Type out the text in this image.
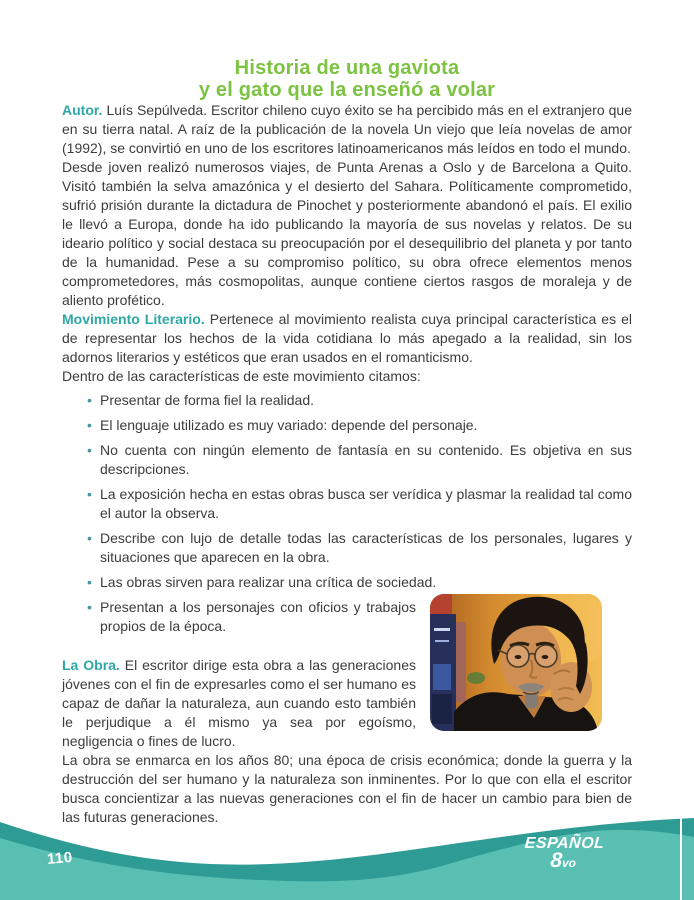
Historia de una gaviota
y el gato que la enseñó a volar

Autor. Luís Sepúlveda. Escritor chileno cuyo éxito se ha percibido más en el extranjero que en su tierra natal. A raíz de la publicación de la novela Un viejo que leía novelas de amor (1992), se convirtió en uno de los escritores latinoamericanos más leídos en todo el mundo.

Desde joven realizó numerosos viajes, de Punta Arenas a Oslo y de Barcelona a Quito. Visitó también la selva amazónica y el desierto del Sahara. Políticamente comprometido, sufrió prisión durante la dictadura de Pinochet y posteriormente abandonó el país. El exilio le llevó a Europa, donde ha ido publicando la mayoría de sus novelas y relatos. De su ideario político y social destaca su preocupación por el desequilibrio del planeta y por tanto de la humanidad. Pese a su compromiso político, su obra ofrece elementos menos comprometedores, más cosmopolitas, aunque contiene ciertos rasgos de moraleja y de aliento profético.

Movimiento Literario. Pertenece al movimiento realista cuya principal característica es el de representar los hechos de la vida cotidiana lo más apegado a la realidad, sin los adornos literarios y estéticos que eran usados en el romanticismo.

Dentro de las características de este movimiento citamos:

• Presentar de forma fiel la realidad.
• El lenguaje utilizado es muy variado: depende del personaje.
• No cuenta con ningún elemento de fantasía en su contenido. Es objetiva en sus descripciones.
• La exposición hecha en estas obras busca ser verídica y plasmar la realidad tal como el autor la observa.
• Describe con lujo de detalle todas las características de los personales, lugares y situaciones que aparecen en la obra.
• Las obras sirven para realizar una crítica de sociedad.
• Presentan a los personajes con oficios y trabajos propios de la época.

La Obra. El escritor dirige esta obra a las generaciones jóvenes con el fin de expresarles como el ser humano es capaz de dañar la naturaleza, aun cuando esto también le perjudique a él mismo ya sea por egoísmo, negligencia o fines de lucro.

La obra se enmarca en los años 80; una época de crisis económica; donde la guerra y la destrucción del ser humano y la naturaleza son inminentes. Por lo que con ella el escritor busca concientizar a las nuevas generaciones con el fin de hacer un cambio para bien de las futuras generaciones.

110
ESPAÑOL
8vo
